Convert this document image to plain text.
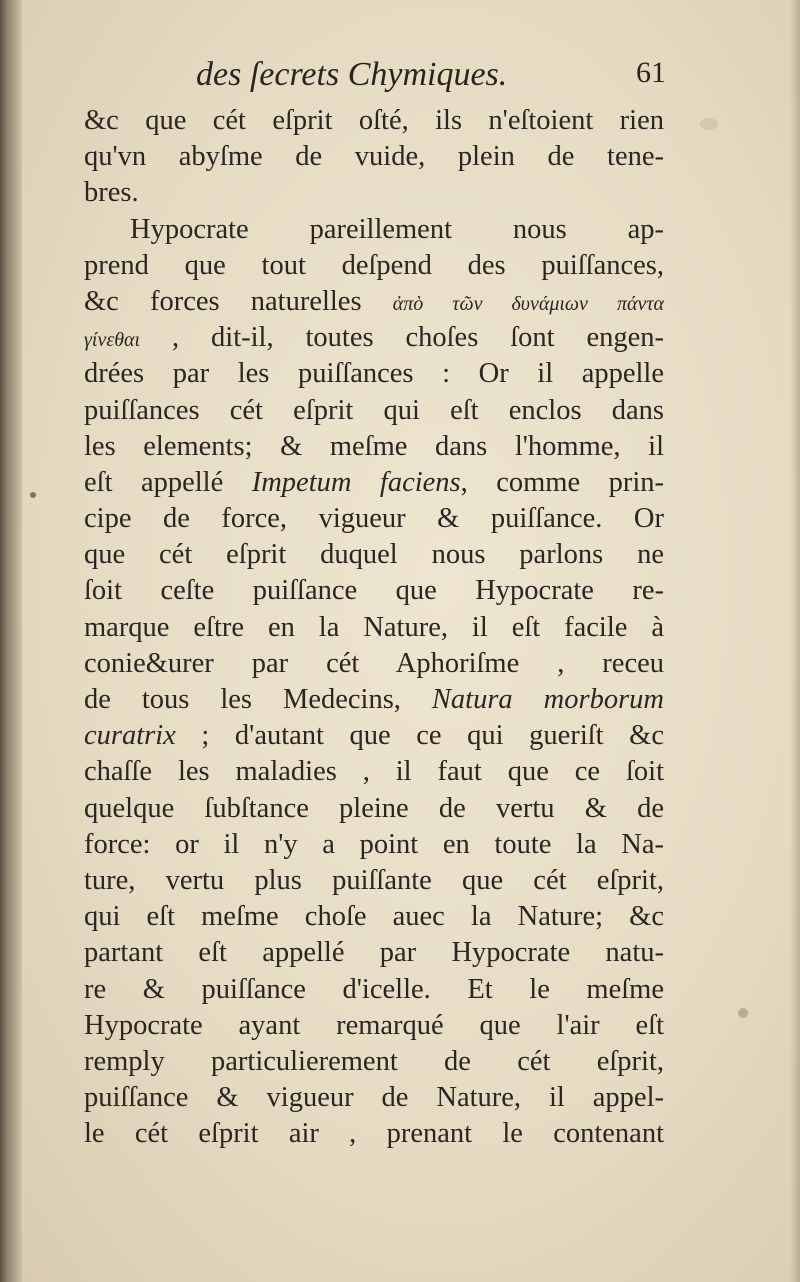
des ſecrets Chymiques.	61
&c que cét eſprit oſté, ils n'eſtoient rien
qu'vn abyſme de vuide, plein de tene-
bres.
Hypocrate pareillement nous ap-
prend que tout deſpend des puiſſances,
&c forces naturelles ἀπὸ τῶν δυνάμιων πάντα
γίνεθαι , dit-il, toutes choſes ſont engen-
drées par les puiſſances : Or il appelle
puiſſances cét eſprit qui eſt enclos dans
les elements; & meſme dans l'homme, il
eſt appellé Impetum faciens, comme prin-
cipe de force, vigueur & puiſſance. Or
que cét eſprit duquel nous parlons ne
ſoit ceſte puiſſance que Hypocrate re-
marque eſtre en la Nature, il eſt facile à
conie&urer par cét Aphoriſme , receu
de tous les Medecins, Natura morborum
curatrix ; d'autant que ce qui gueriſt &c
chaſſe les maladies , il faut que ce ſoit
quelque ſubſtance pleine de vertu & de
force: or il n'y a point en toute la Na-
ture, vertu plus puiſſante que cét eſprit,
qui eſt meſme choſe auec la Nature; &c
partant eſt appellé par Hypocrate natu-
re & puiſſance d'icelle. Et le meſme
Hypocrate ayant remarqué que l'air eſt
remply particulierement de cét eſprit,
puiſſance & vigueur de Nature, il appel-
le cét eſprit air , prenant le contenant
